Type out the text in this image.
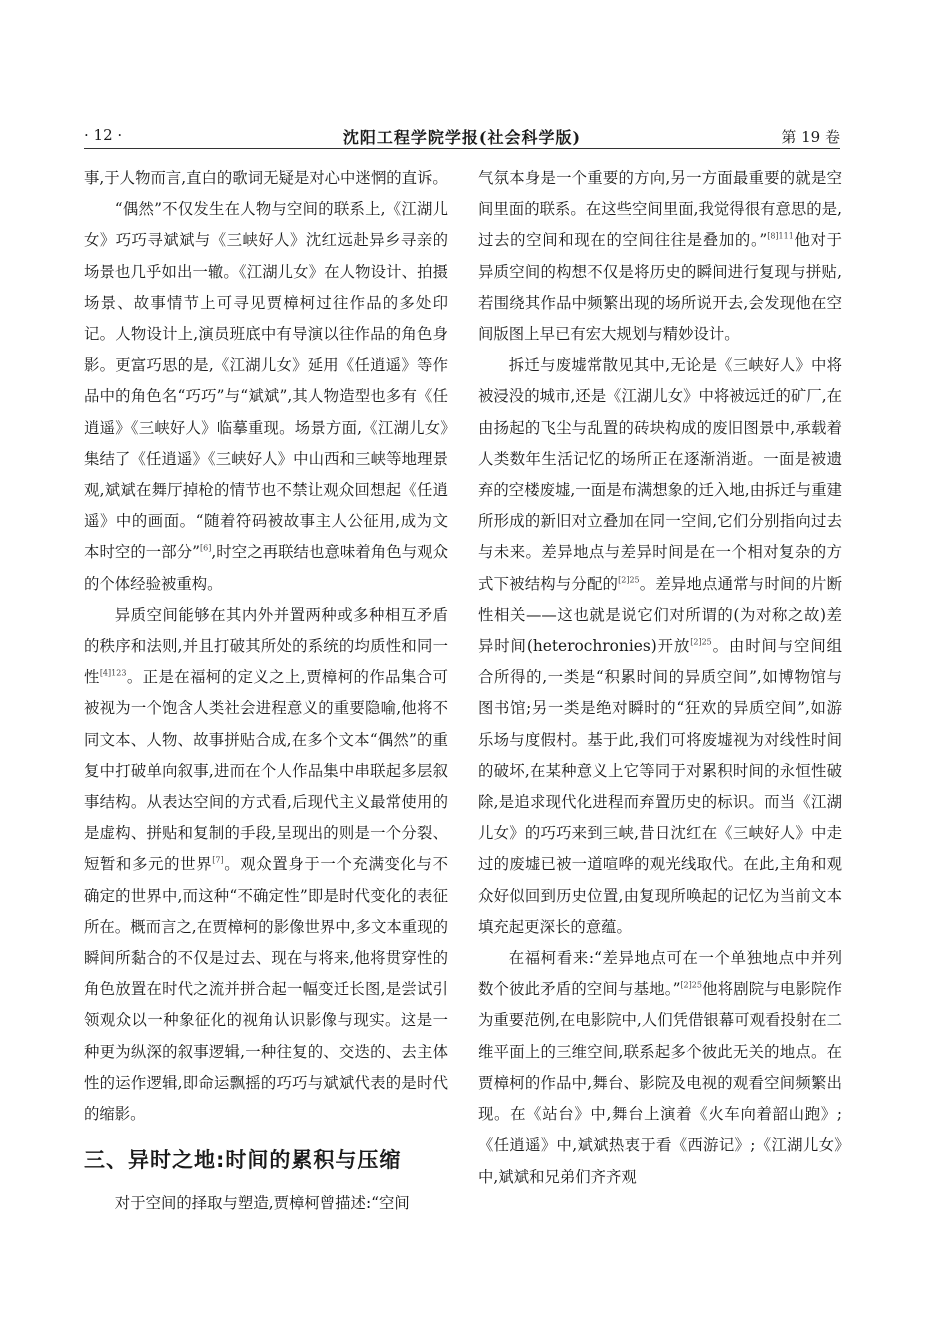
· 12 ·	沈阳工程学院学报(社会科学版)	第 19 卷

事,于人物而言,直白的歌词无疑是对心中迷惘的直诉。

“偶然”不仅发生在人物与空间的联系上,《江湖儿女》巧巧寻斌斌与《三峡好人》沈红远赴异乡寻亲的场景也几乎如出一辙。《江湖儿女》在人物设计、拍摄场景、故事情节上可寻见贾樟柯过往作品的多处印记。人物设计上,演员班底中有导演以往作品的角色身影。更富巧思的是,《江湖儿女》延用《任逍遥》等作品中的角色名“巧巧”与“斌斌”,其人物造型也多有《任逍遥》《三峡好人》临摹重现。场景方面,《江湖儿女》集结了《任逍遥》《三峡好人》中山西和三峡等地理景观,斌斌在舞厅掉枪的情节也不禁让观众回想起《任逍遥》中的画面。“随着符码被故事主人公征用,成为文本时空的一部分”[6],时空之再联结也意味着角色与观众的个体经验被重构。

异质空间能够在其内外并置两种或多种相互矛盾的秩序和法则,并且打破其所处的系统的均质性和同一性$^{[4]123}$。正是在福柯的定义之上,贾樟柯的作品集合可被视为一个饱含人类社会进程意义的重要隐喻,他将不同文本、人物、故事拼贴合成,在多个文本“偶然”的重复中打破单向叙事,进而在个人作品集中串联起多层叙事结构。从表达空间的方式看,后现代主义最常使用的是虚构、拼贴和复制的手段,呈现出的则是一个分裂、短暂和多元的世界[7]。观众置身于一个充满变化与不确定的世界中,而这种“不确定性”即是时代变化的表征所在。概而言之,在贾樟柯的影像世界中,多文本重现的瞬间所黏合的不仅是过去、现在与将来,他将贯穿性的角色放置在时代之流并拼合起一幅变迁长图,是尝试引领观众以一种象征化的视角认识影像与现实。这是一种更为纵深的叙事逻辑,一种往复的、交迭的、去主体性的运作逻辑,即命运飘摇的巧巧与斌斌代表的是时代的缩影。

三、异时之地:时间的累积与压缩

对于空间的择取与塑造,贾樟柯曾描述:“空间

气氛本身是一个重要的方向,另一方面最重要的就是空间里面的联系。在这些空间里面,我觉得很有意思的是,过去的空间和现在的空间往往是叠加的。”$^{[8]111}$他对于异质空间的构想不仅是将历史的瞬间进行复现与拼贴,若围绕其作品中频繁出现的场所说开去,会发现他在空间版图上早已有宏大规划与精妙设计。

拆迁与废墟常散见其中,无论是《三峡好人》中将被浸没的城市,还是《江湖儿女》中将被远迁的矿厂,在由扬起的飞尘与乱置的砖块构成的废旧图景中,承载着人类数年生活记忆的场所正在逐渐消逝。一面是被遗弃的空楼废墟,一面是布满想象的迁入地,由拆迁与重建所形成的新旧对立叠加在同一空间,它们分别指向过去与未来。差异地点与差异时间是在一个相对复杂的方式下被结构与分配的$^{[2]25}$。差异地点通常与时间的片断性相关——这也就是说它们对所谓的(为对称之故)差异时间(heterochronies)开放$^{[2]25}$。由时间与空间组合所得的,一类是“积累时间的异质空间”,如博物馆与图书馆;另一类是绝对瞬时的“狂欢的异质空间”,如游乐场与度假村。基于此,我们可将废墟视为对线性时间的破坏,在某种意义上它等同于对累积时间的永恒性破除,是追求现代化进程而弃置历史的标识。而当《江湖儿女》的巧巧来到三峡,昔日沈红在《三峡好人》中走过的废墟已被一道喧哗的观光线取代。在此,主角和观众好似回到历史位置,由复现所唤起的记忆为当前文本填充起更深长的意蕴。

在福柯看来:“差异地点可在一个单独地点中并列数个彼此矛盾的空间与基地。”$^{[2]25}$他将剧院与电影院作为重要范例,在电影院中,人们凭借银幕可观看投射在二维平面上的三维空间,联系起多个彼此无关的地点。在贾樟柯的作品中,舞台、影院及电视的观看空间频繁出现。在《站台》中,舞台上演着《火车向着韶山跑》;《任逍遥》中,斌斌热衷于看《西游记》;《江湖儿女》中,斌斌和兄弟们齐齐观
